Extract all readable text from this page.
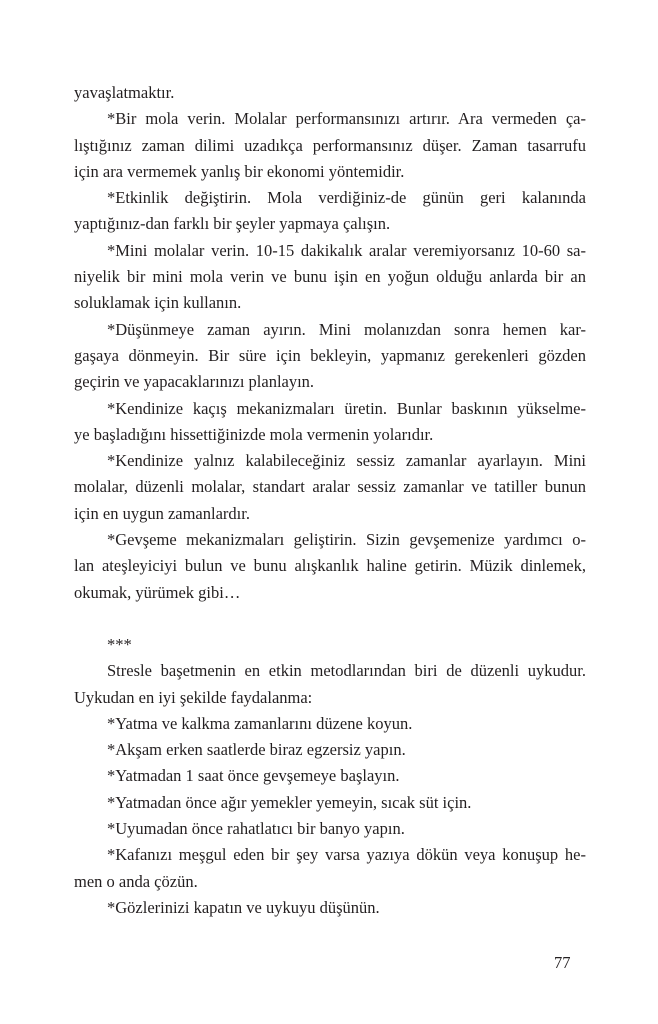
yavaşlatmaktır.
*Bir mola verin. Molalar performansınızı artırır. Ara vermeden ça-
lıştığınız zaman dilimi uzadıkça performansınız düşer. Zaman tasarrufu
için ara vermemek yanlış bir ekonomi yöntemidir.
*Etkinlik değiştirin. Mola verdiğiniz-de günün geri kalanında
yaptığınız-dan farklı bir şeyler yapmaya çalışın.
*Mini molalar verin. 10-15 dakikalık aralar veremiyorsanız 10-60 sa-
niyelik bir mini mola verin ve bunu işin en yoğun olduğu anlarda bir an
soluklamak için kullanın.
*Düşünmeye zaman ayırın. Mini molanızdan sonra hemen kar-
gaşaya dönmeyin. Bir süre için bekleyin, yapmanız gerekenleri gözden
geçirin ve yapacaklarınızı planlayın.
*Kendinize kaçış mekanizmaları üretin. Bunlar baskının yükselme-
ye başladığını hissettiğinizde mola vermenin yolarıdır.
*Kendinize yalnız kalabileceğiniz sessiz zamanlar ayarlayın. Mini
molalar, düzenli molalar, standart aralar sessiz zamanlar ve tatiller bunun
için en uygun zamanlardır.
*Gevşeme mekanizmaları geliştirin. Sizin gevşemenize yardımcı o-
lan ateşleyiciyi bulun ve bunu alışkanlık haline getirin. Müzik dinlemek,
okumak, yürümek gibi…
***
Stresle başetmenin en etkin metodlarından biri de düzenli uykudur.
Uykudan en iyi şekilde faydalanma:
*Yatma ve kalkma zamanlarını düzene koyun.
*Akşam erken saatlerde biraz egzersiz yapın.
*Yatmadan 1 saat önce gevşemeye başlayın.
*Yatmadan önce ağır yemekler yemeyin, sıcak süt için.
*Uyumadan önce rahatlatıcı bir banyo yapın.
*Kafanızı meşgul eden bir şey varsa yazıya dökün veya konuşup he-
men o anda çözün.
*Gözlerinizi kapatın ve uykuyu düşünün.
77
